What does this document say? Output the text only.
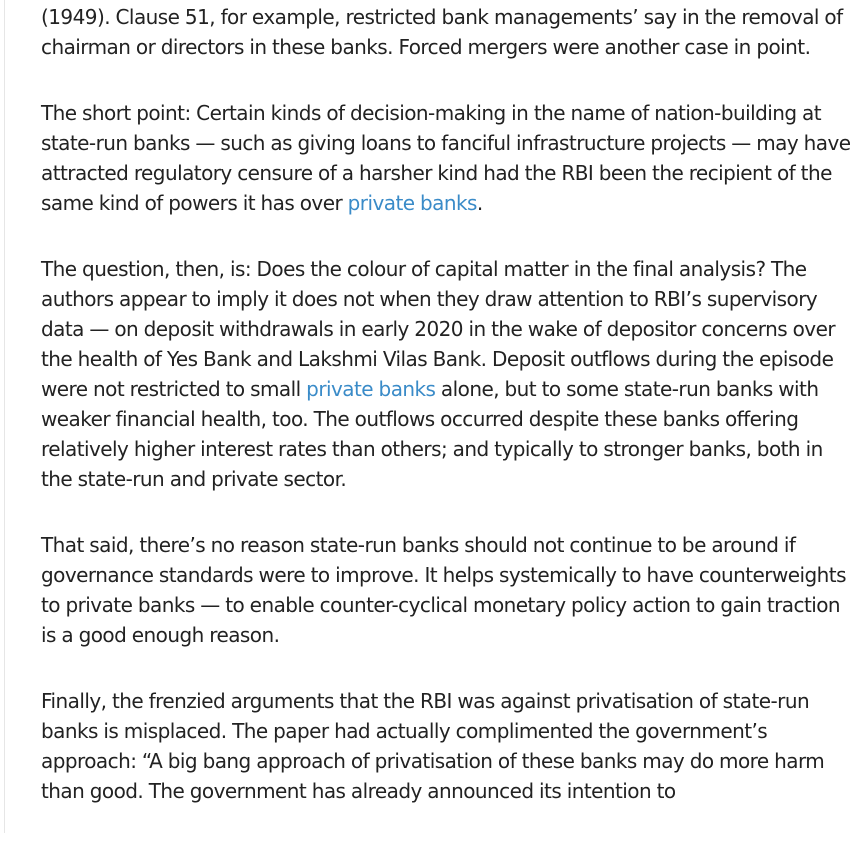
(1949). Clause 51, for example, restricted bank managements’ say in the removal of chairman or directors in these banks. Forced mergers were another case in point.

The short point: Certain kinds of decision-making in the name of nation-building at state-run banks — such as giving loans to fanciful infrastructure projects — may have attracted regulatory censure of a harsher kind had the RBI been the recipient of the same kind of powers it has over private banks.

The question, then, is: Does the colour of capital matter in the final analysis? The authors appear to imply it does not when they draw attention to RBI’s supervisory data — on deposit withdrawals in early 2020 in the wake of depositor concerns over the health of Yes Bank and Lakshmi Vilas Bank. Deposit outflows during the episode were not restricted to small private banks alone, but to some state-run banks with weaker financial health, too. The outflows occurred despite these banks offering relatively higher interest rates than others; and typically to stronger banks, both in the state-run and private sector.

That said, there’s no reason state-run banks should not continue to be around if governance standards were to improve. It helps systemically to have counterweights to private banks — to enable counter-cyclical monetary policy action to gain traction is a good enough reason.

Finally, the frenzied arguments that the RBI was against privatisation of state-run banks is misplaced. The paper had actually complimented the government’s approach: “A big bang approach of privatisation of these banks may do more harm than good. The government has already announced its intention to
